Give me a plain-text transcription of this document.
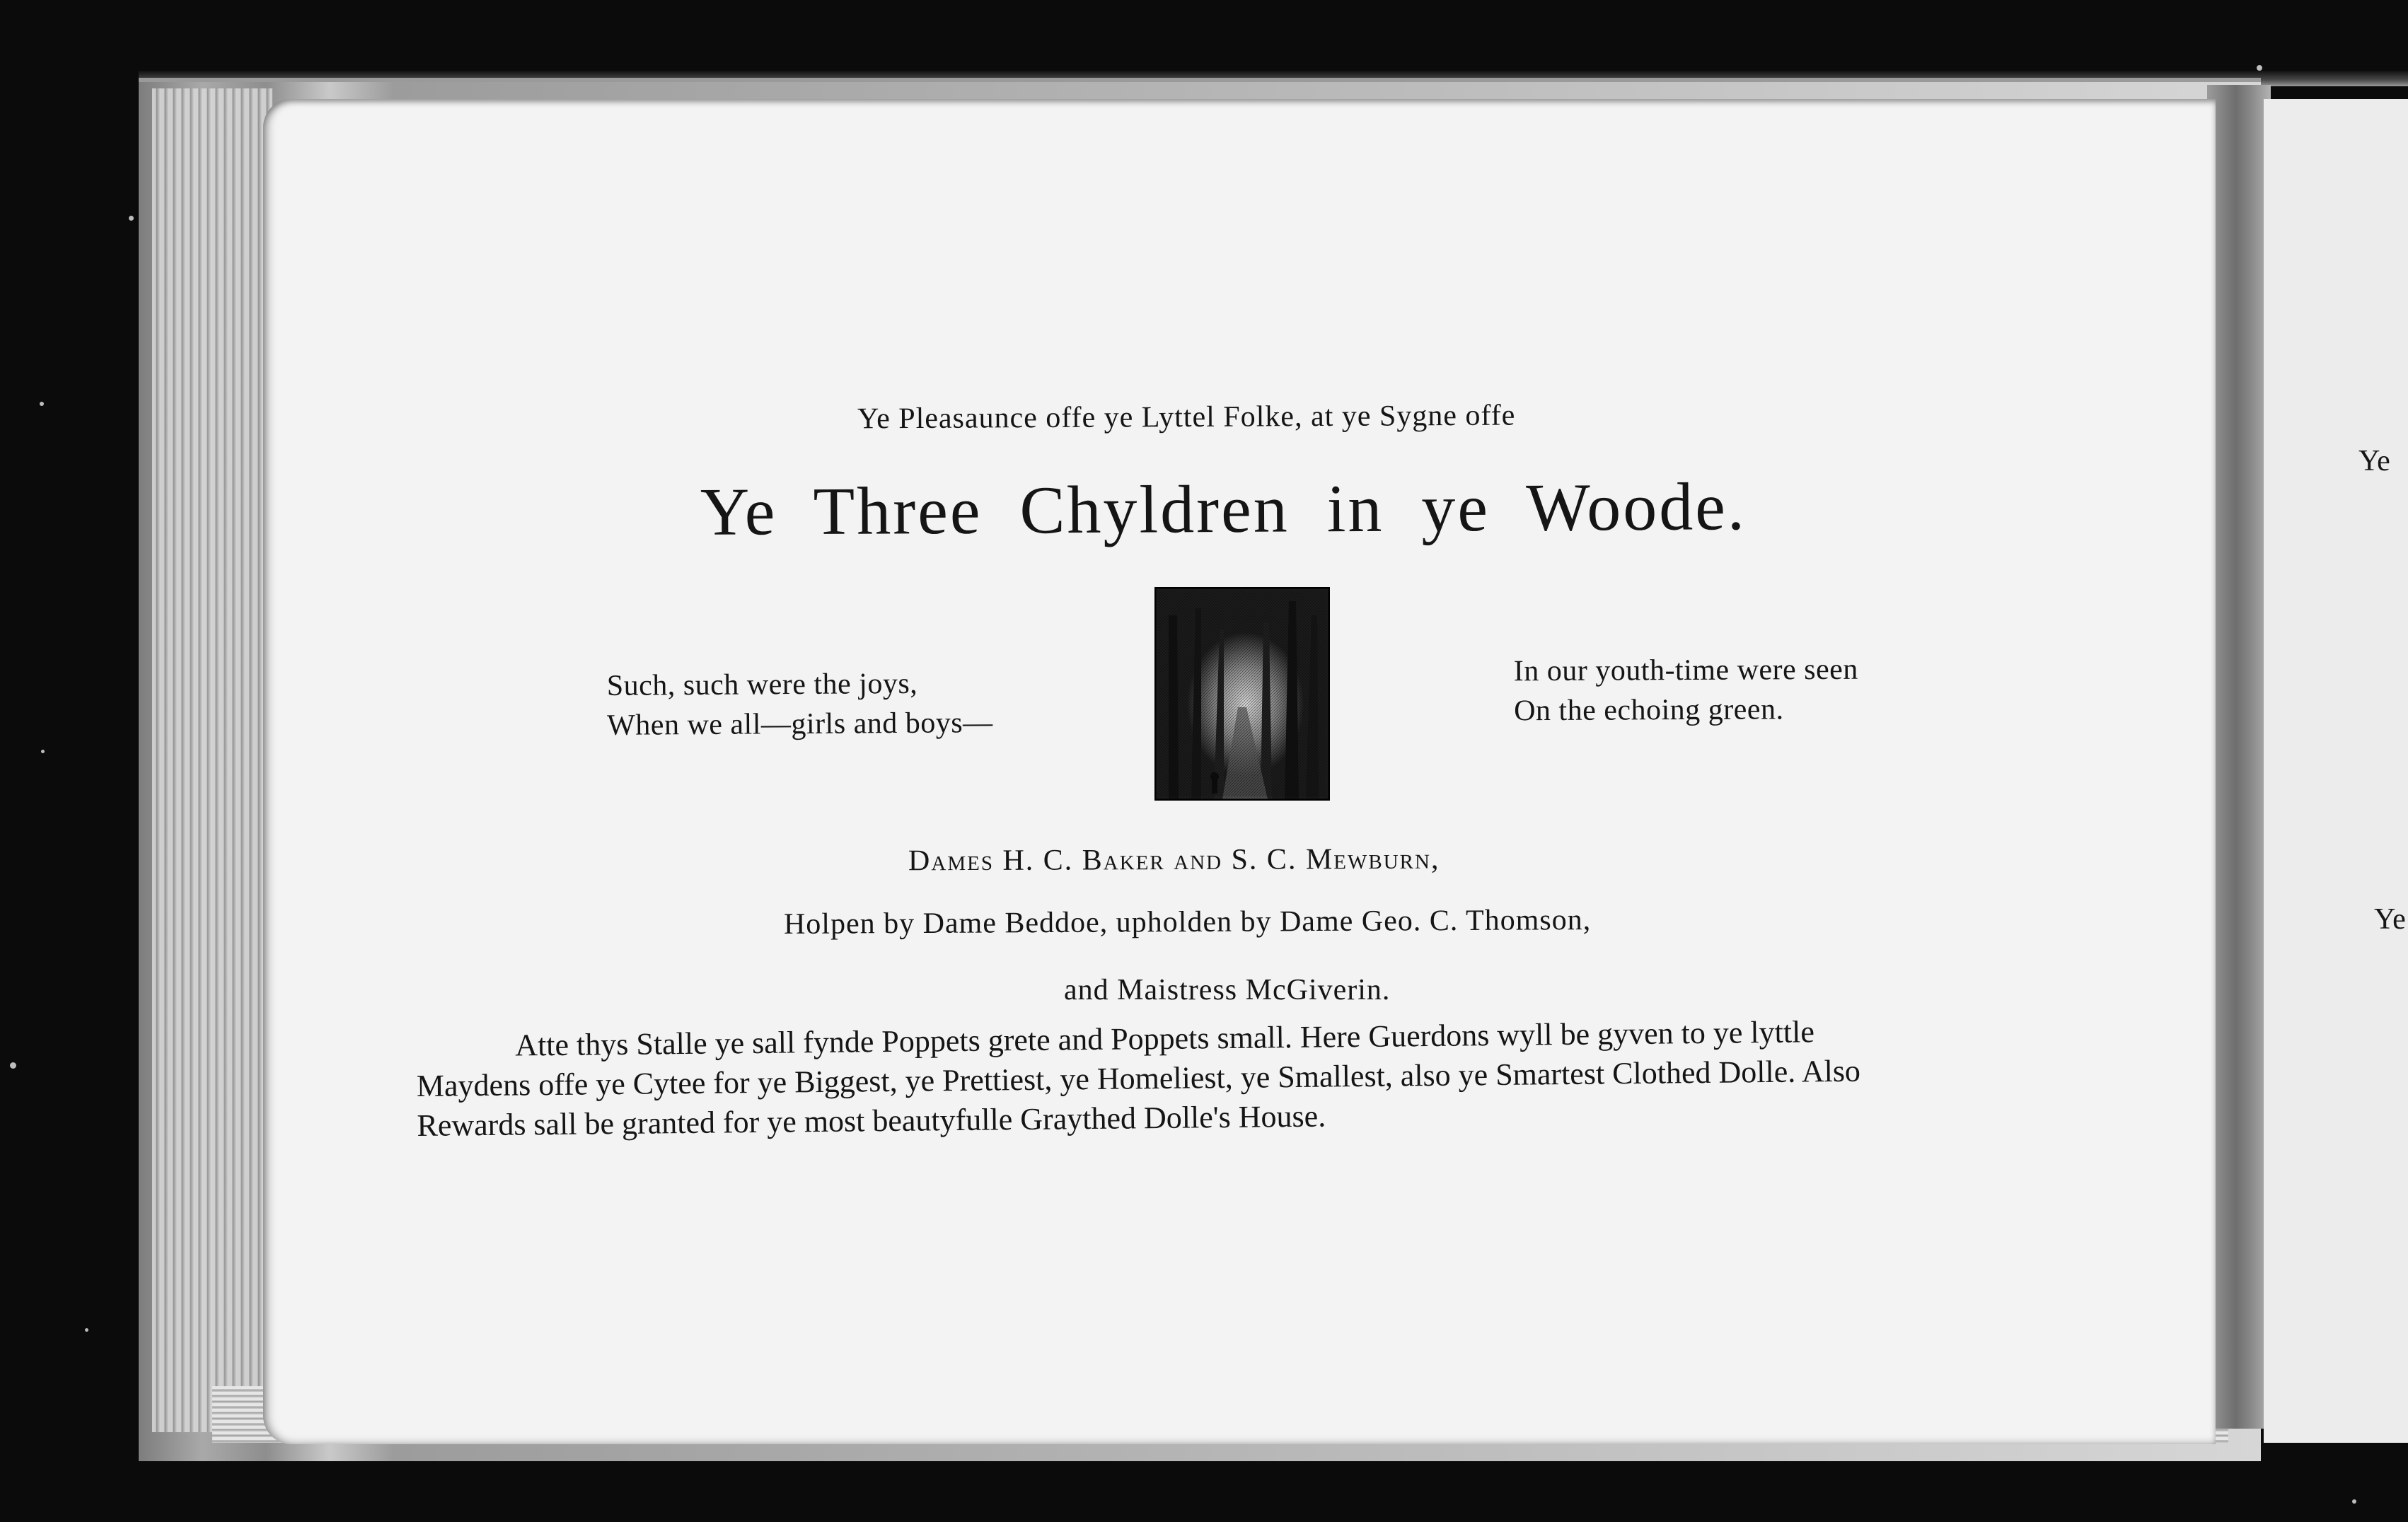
Ye Pleasaunce offe ye Lyttel Folke, at ye Sygne offe
Ye Three Chyldren in ye Woode.
Such, such were the joys,
When we all—girls and boys—
In our youth-time were seen
On the echoing green.
Dames H. C. Baker and S. C. Mewburn,
Holpen by Dame Beddoe, upholden by Dame Geo. C. Thomson,
and Maistress McGiverin.
Atte thys Stalle ye sall fynde Poppets grete and Poppets small. Here Guerdons wyll be gyven to ye lyttle
Maydens offe ye Cytee for ye Biggest, ye Prettiest, ye Homeliest, ye Smallest, also ye Smartest Clothed Dolle. Also
Rewards sall be granted for ye most beautyfulle Graythed Dolle's House.
Ye
Ye
